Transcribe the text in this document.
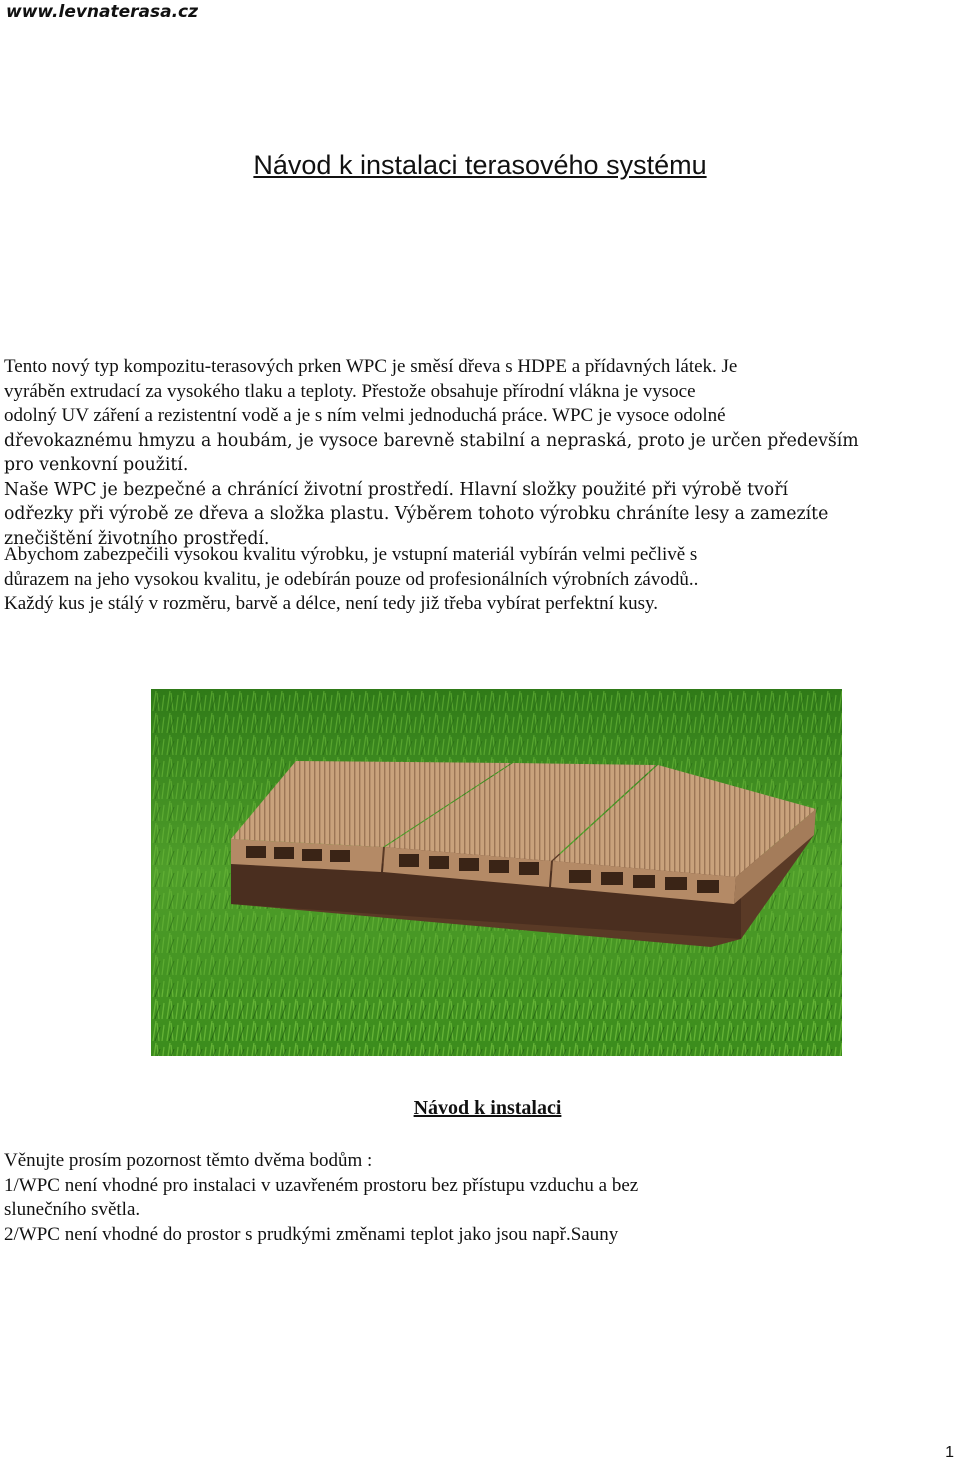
www.levnaterasa.cz
Návod k instalaci terasového systému
Tento nový typ kompozitu-terasových prken WPC je směsí dřeva s HDPE a přídavných látek. Je
vyráběn extrudací za vysokého tlaku a teploty. Přestože obsahuje přírodní vlákna je vysoce
odolný UV záření a rezistentní vodě a je s ním velmi jednoduchá práce. WPC je vysoce odolné
dřevokaznému hmyzu a houbám, je vysoce barevně stabilní a nepraská, proto je určen především
pro venkovní použití.
Naše WPC je bezpečné a chránící životní prostředí. Hlavní složky použité při výrobě tvoří
odřezky při výrobě ze dřeva a složka plastu. Výběrem tohoto výrobku chráníte lesy a zamezíte
znečištění životního prostředí.
Abychom zabezpečili vysokou kvalitu výrobku, je vstupní materiál vybírán velmi pečlivě s
důrazem na jeho vysokou kvalitu, je odebírán pouze od profesionálních výrobních závodů..
Každý kus je stálý v rozměru, barvě a délce, není tedy již třeba vybírat perfektní kusy.
Návod k instalaci
Věnujte prosím pozornost těmto dvěma bodům :
1/WPC není vhodné pro instalaci v uzavřeném prostoru bez přístupu vzduchu a bez
slunečního světla.
2/WPC není vhodné do prostor s prudkými změnami teplot jako jsou např.Sauny
1
